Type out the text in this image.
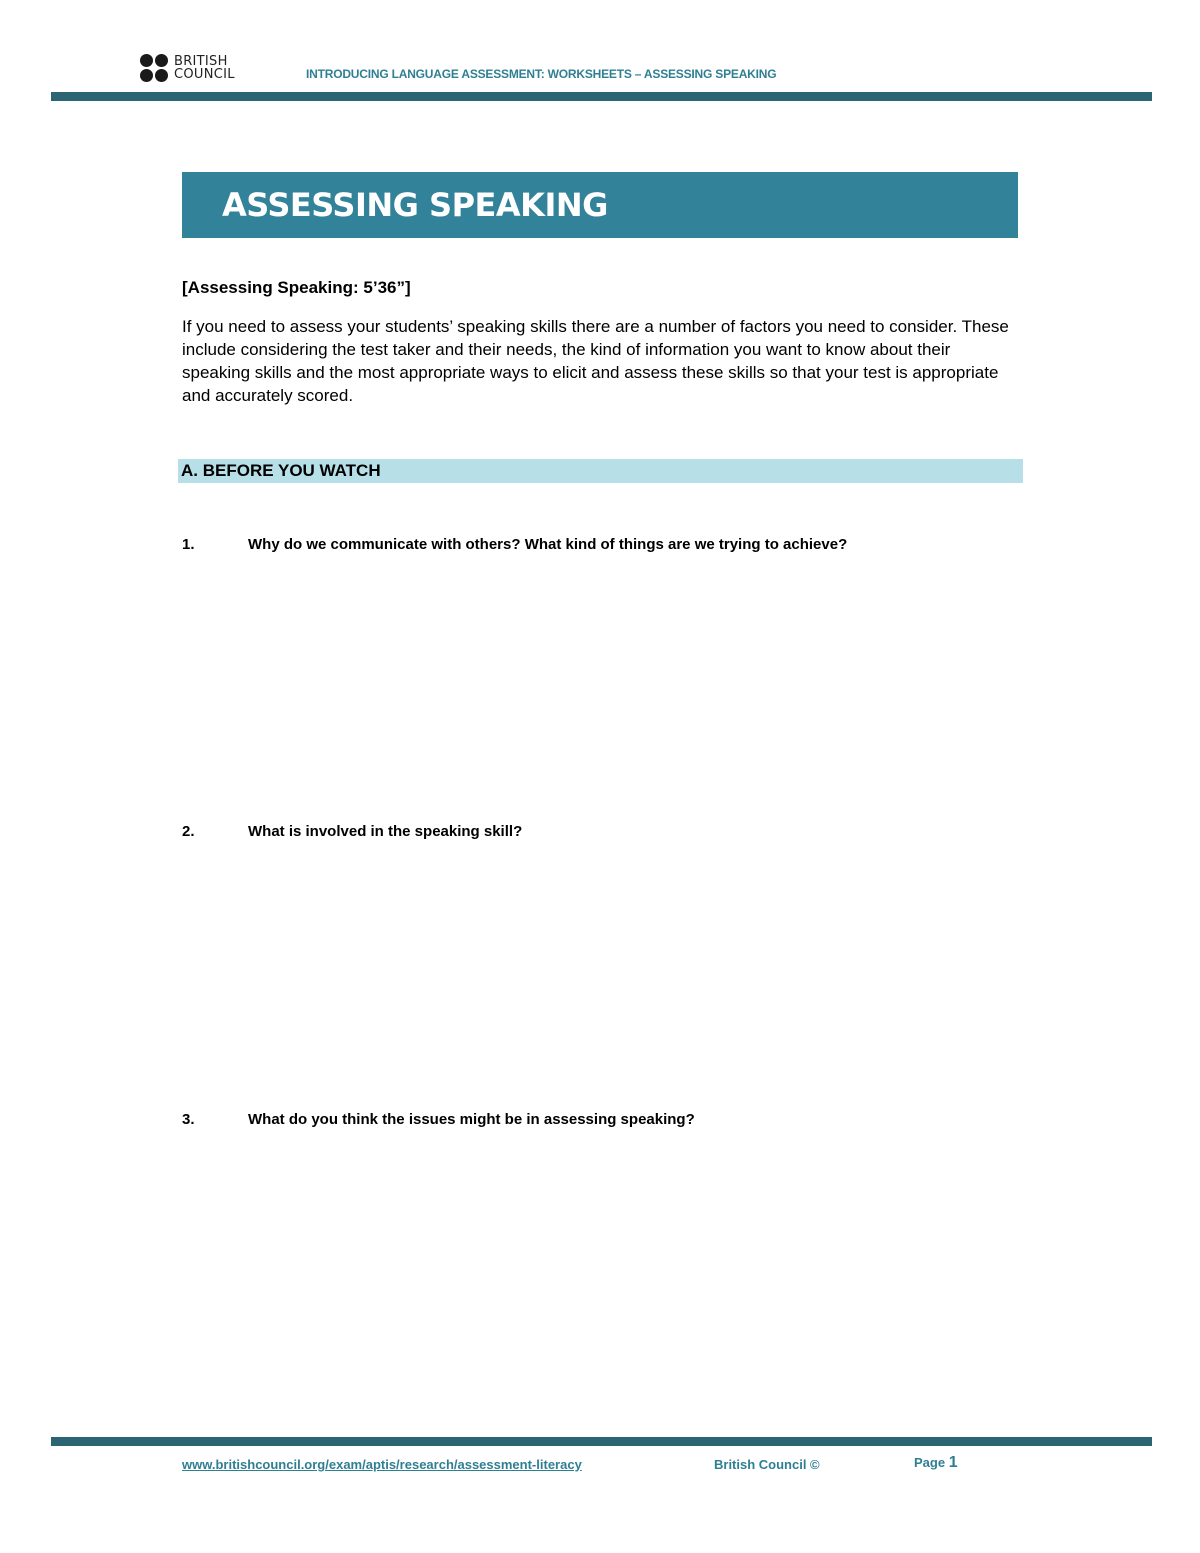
BRITISH
COUNCIL	INTRODUCING LANGUAGE ASSESSMENT: WORKSHEETS – ASSESSING SPEAKING
ASSESSING SPEAKING
[Assessing Speaking: 5’36”]

If you need to assess your students’ speaking skills there are a number of factors you need to consider. These include considering the test taker and their needs, the kind of information you want to know about their speaking skills and the most appropriate ways to elicit and assess these skills so that your test is appropriate and accurately scored.

A. BEFORE YOU WATCH
1.	Why do we communicate with others? What kind of things are we trying to achieve?
2.	What is involved in the speaking skill?
3.	What do you think the issues might be in assessing speaking?
www.britishcouncil.org/exam/aptis/research/assessment-literacy	British Council ©	Page 1
